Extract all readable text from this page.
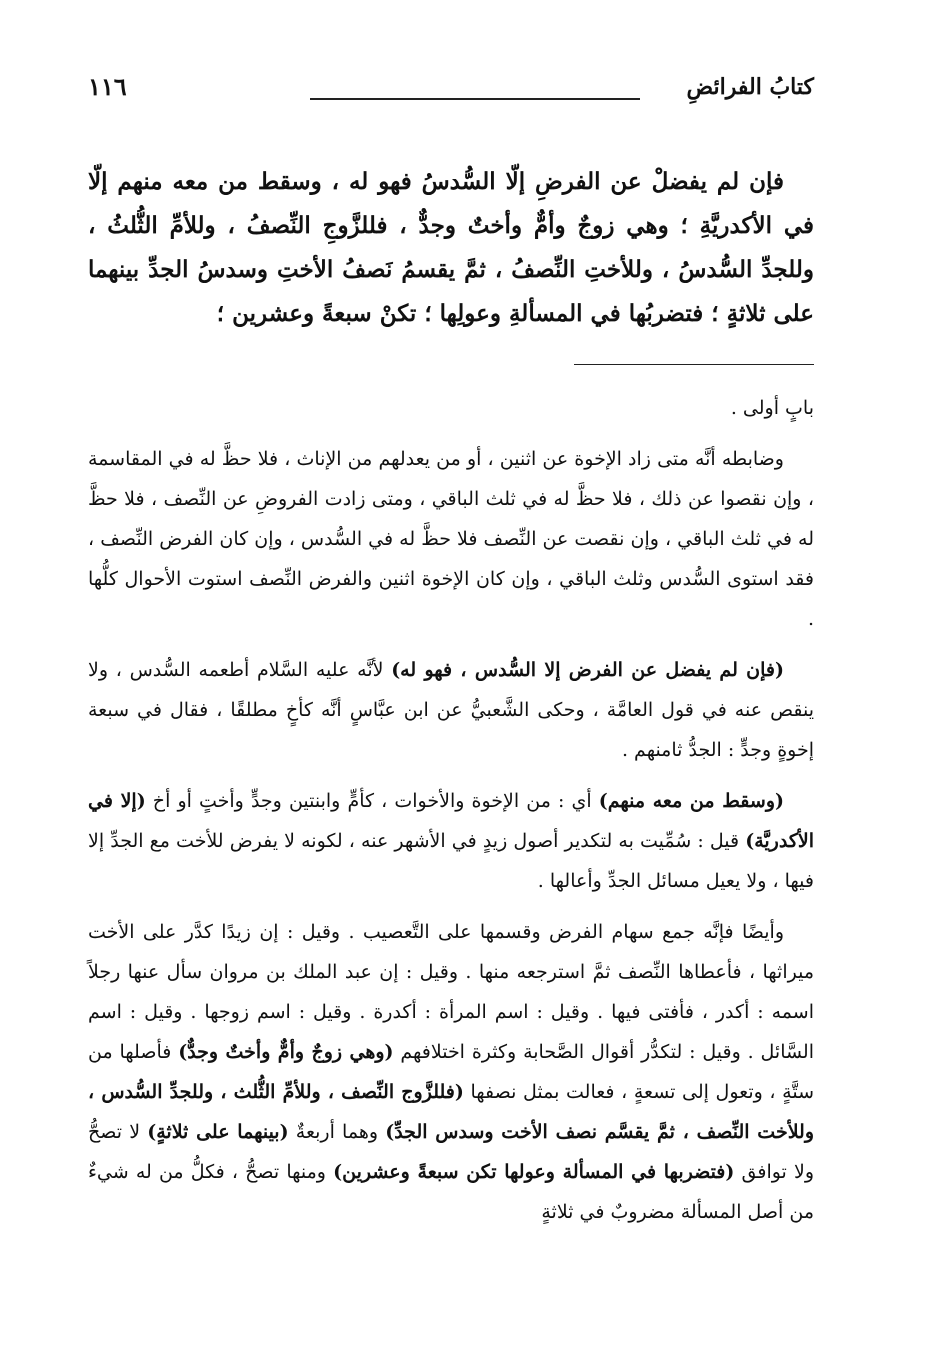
١١٦	كتابُ الفرائضِ

فإن لم يفضلْ عن الفرضِ إلّا السُّدسُ فهو له ، وسقط من معه منهم إلّا في الأكدريَّةِ ؛ وهي زوجٌ وأمٌّ وأختٌ وجدٌّ ، فللزَّوجِ النِّصفُ ، وللأمِّ الثُّلثُ ، وللجدِّ السُّدسُ ، وللأختِ النِّصفُ ، ثمَّ يقسمُ نَصفُ الأختِ وسدسُ الجدِّ بينهما على ثلاثةٍ ؛ فتضربُها في المسألةِ وعولِها ؛ تكنْ سبعةً وعشرين ؛

بابٍ أولى .

وضابطه أنَّه متى زاد الإخوة عن اثنين ، أو من يعدلهم من الإناث ، فلا حظَّ له في المقاسمة ، وإن نقصوا عن ذلك ، فلا حظَّ له في ثلث الباقي ، ومتى زادت الفروضِ عن النِّصف ، فلا حظَّ له في ثلث الباقي ، وإن نقصت عن النِّصف فلا حظَّ له في السُّدس ، وإن كان الفرض النِّصف ، فقد استوى السُّدس وثلث الباقي ، وإن كان الإخوة اثنين والفرض النِّصف استوت الأحوال كلُّها .

(فإن لم يفضل عن الفرض إلا السُّدس ، فهو له) لأنَّه عليه السَّلام أطعمه السُّدس ، ولا ينقص عنه في قول العامَّة ، وحكى الشَّعبيُّ عن ابن عبَّاسٍ أنَّه كأخٍ مطلقًا ، فقال في سبعة إخوةٍ وجدٍّ : الجدُّ ثامنهم .

(وسقط من معه منهم) أي : من الإخوة والأخوات ، كأمٍّ وابنتين وجدٍّ وأختٍ أو أخ (إلا في الأكدريَّة) قيل : سُمِّيت به لتكدير أصول زيدٍ في الأشهر عنه ، لكونه لا يفرض للأخت مع الجدِّ إلا فيها ، ولا يعيل مسائل الجدِّ وأعالها .

وأيضًا فإنَّه جمع سهام الفرض وقسمها على التَّعصيب . وقيل : إن زيدًا كدَّر على الأخت ميراثها ، فأعطاها النِّصف ثمَّ استرجعه منها . وقيل : إن عبد الملك بن مروان سأل عنها رجلاً اسمه : أكدر ، فأفتى فيها . وقيل : اسم المرأة : أكدرة . وقيل : اسم زوجها . وقيل : اسم السَّائل . وقيل : لتكدُّر أقوال الصَّحابة وكثرة اختلافهم (وهي زوجٌ وأمٌّ وأختٌ وجدٌّ) فأصلها من ستَّةٍ ، وتعول إلى تسعةٍ ، فعالت بمثل نصفها (فللزَّوج النِّصف ، وللأمِّ الثُّلث ، وللجدِّ السُّدس ، وللأخت النِّصف ، ثمَّ يقسَّم نصف الأخت وسدس الجدِّ) وهما أربعةٌ (بينهما على ثلاثةٍ) لا تصحُّ ولا توافق (فتضربها في المسألة وعولها تكن سبعةً وعشرين) ومنها تصحُّ ، فكلُّ من له شيءٌ من أصل المسألة مضروبٌ في ثلاثةٍ
